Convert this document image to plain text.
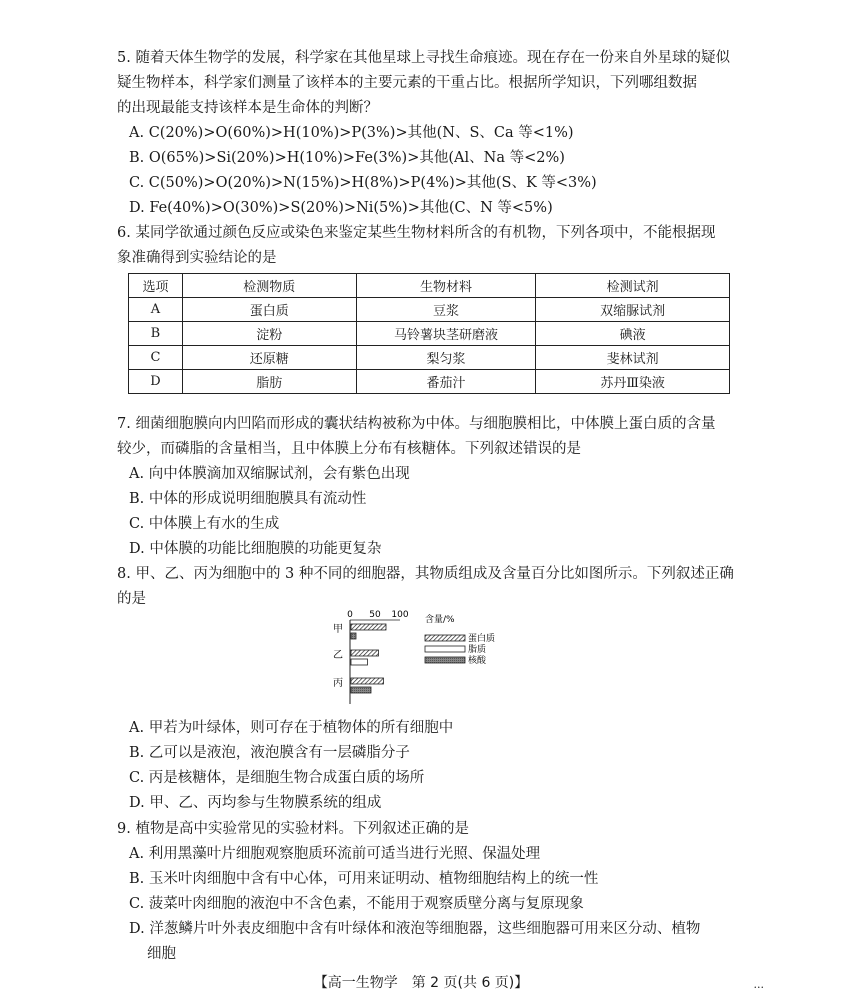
5. 随着天体生物学的发展，科学家在其他星球上寻找生命痕迹。现在存在一份来自外星球的疑似
疑生物样本，科学家们测量了该样本的主要元素的干重占比。根据所学知识，下列哪组数据
的出现最能支持该样本是生命体的判断？
A. C(20%)>O(60%)>H(10%)>P(3%)>其他(N、S、Ca 等<1%)
B. O(65%)>Si(20%)>H(10%)>Fe(3%)>其他(Al、Na 等<2%)
C. C(50%)>O(20%)>N(15%)>H(8%)>P(4%)>其他(S、K 等<3%)
D. Fe(40%)>O(30%)>S(20%)>Ni(5%)>其他(C、N 等<5%)
6. 某同学欲通过颜色反应或染色来鉴定某些生物材料所含的有机物，下列各项中，不能根据现
象准确得到实验结论的是
选项	检测物质	生物材料	检测试剂
A	蛋白质	豆浆	双缩脲试剂
B	淀粉	马铃薯块茎研磨液	碘液
C	还原糖	梨匀浆	斐林试剂
D	脂肪	番茄汁	苏丹Ⅲ染液
7. 细菌细胞膜向内凹陷而形成的囊状结构被称为中体。与细胞膜相比，中体膜上蛋白质的含量
较少，而磷脂的含量相当，且中体膜上分布有核糖体。下列叙述错误的是
A. 向中体膜滴加双缩脲试剂，会有紫色出现
B. 中体的形成说明细胞膜具有流动性
C. 中体膜上有水的生成
D. 中体膜的功能比细胞膜的功能更复杂
8. 甲、乙、丙为细胞中的 3 种不同的细胞器，其物质组成及含量百分比如图所示。下列叙述正确
的是
0 50 100 含量/%
甲
乙
丙
蛋白质
脂质
核酸
A. 甲若为叶绿体，则可存在于植物体的所有细胞中
B. 乙可以是液泡，液泡膜含有一层磷脂分子
C. 丙是核糖体，是细胞生物合成蛋白质的场所
D. 甲、乙、丙均参与生物膜系统的组成
9. 植物是高中实验常见的实验材料。下列叙述正确的是
A. 利用黑藻叶片细胞观察胞质环流前可适当进行光照、保温处理
B. 玉米叶肉细胞中含有中心体，可用来证明动、植物细胞结构上的统一性
C. 菠菜叶肉细胞的液泡中不含色素，不能用于观察质壁分离与复原现象
D. 洋葱鳞片叶外表皮细胞中含有叶绿体和液泡等细胞器，这些细胞器可用来区分动、植物
细胞
【高一生物学　第 2 页(共 6 页)】	...
